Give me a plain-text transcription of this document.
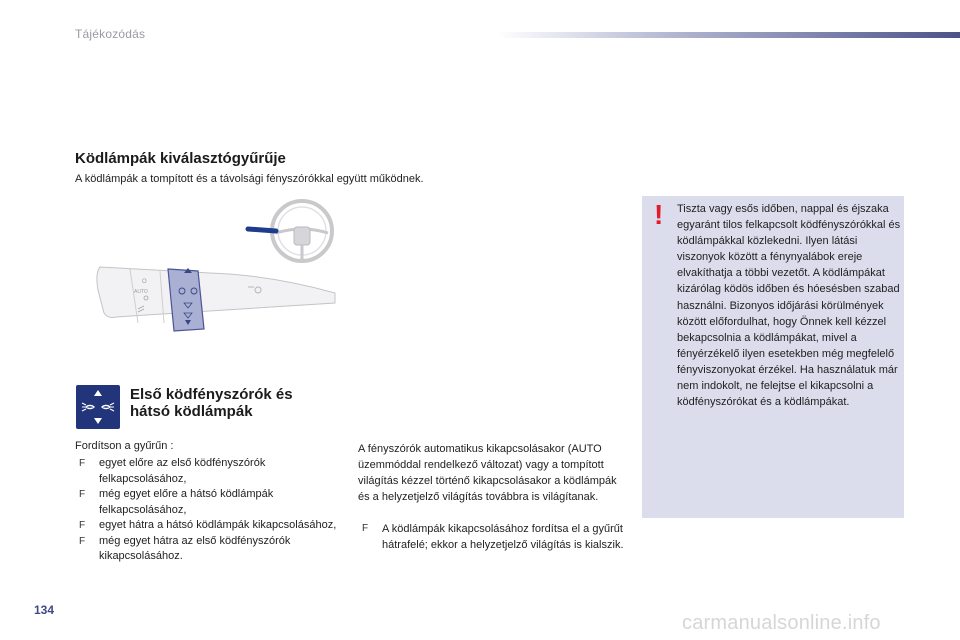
Tájékozódás
Ködlámpák kiválasztógyűrűje
A ködlámpák a tompított és a távolsági fényszórókkal együtt működnek.
O
AUTO
Első ködfényszórók és hátsó ködlámpák
Fordítson a gyűrűn :
F egyet előre az első ködfényszórók felkapcsolásához,
F még egyet előre a hátsó ködlámpák felkapcsolásához,
F egyet hátra a hátsó ködlámpák kikapcsolásához,
F még egyet hátra az első ködfényszórók kikapcsolásához.

A fényszórók automatikus kikapcsolásakor (AUTO üzemmóddal rendelkező változat) vagy a tompított világítás kézzel történő kikapcsolásakor a ködlámpák és a helyzetjelző világítás továbbra is világítanak.

F A ködlámpák kikapcsolásához fordítsa el a gyűrűt hátrafelé; ekkor a helyzetjelző világítás is kialszik.
! Tiszta vagy esős időben, nappal és éjszaka egyaránt tilos felkapcsolt ködfényszórókkal és ködlámpákkal közlekedni. Ilyen látási viszonyok között a fénynyalábok ereje elvakíthatja a többi vezetőt. A ködlámpákat kizárólag ködös időben és hóesésben szabad használni. Bizonyos időjárási körülmények között előfordulhat, hogy Önnek kell kézzel bekapcsolnia a ködlámpákat, mivel a fényérzékelő ilyen esetekben még megfelelő fényviszonyokat érzékel. Ha használatuk már nem indokolt, ne felejtse el kikapcsolni a ködfényszórókat és a ködlámpákat.

134
carmanualsonline.info
